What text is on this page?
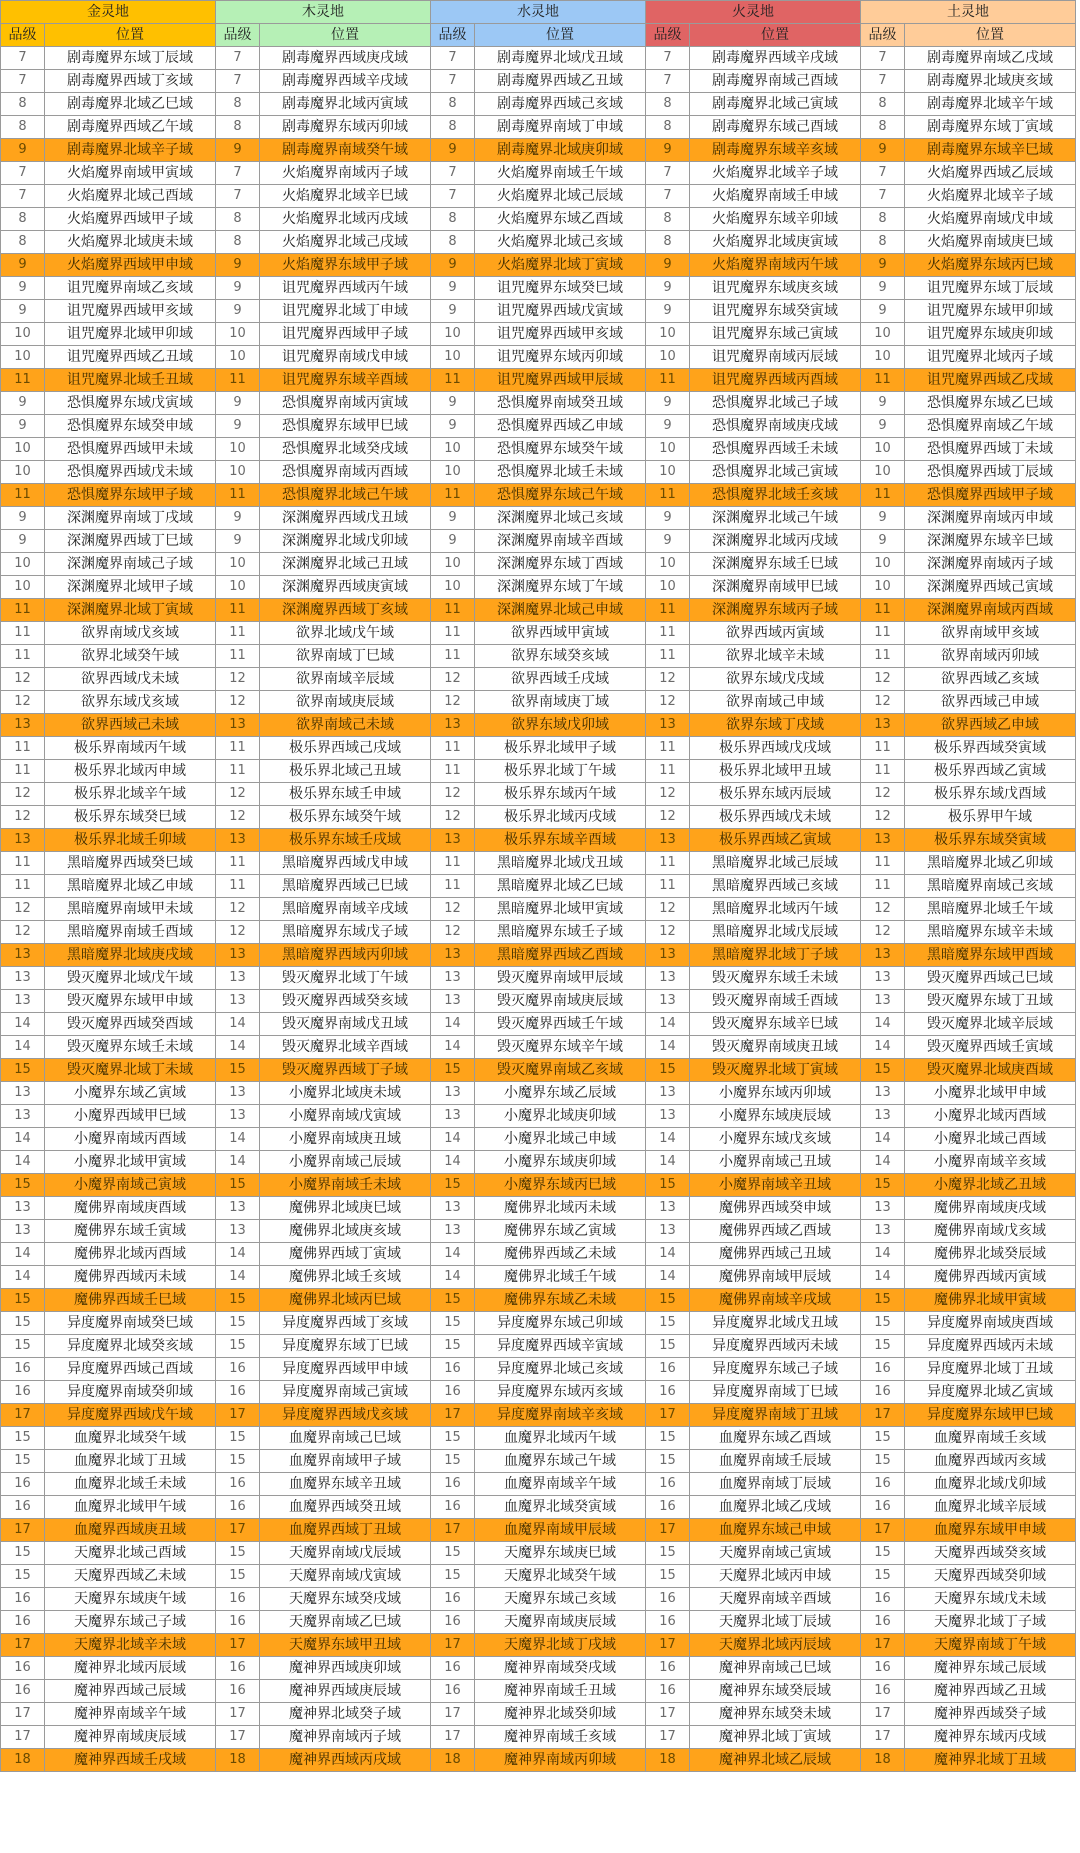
金灵地		木灵地		水灵地		火灵地		土灵地	
品级	位置	品级	位置	品级	位置	品级	位置	品级	位置
7	剧毒魔界东域丁辰域	7	剧毒魔界西域庚戌域	7	剧毒魔界北域戊丑域	7	剧毒魔界西域辛戌域	7	剧毒魔界南域乙戌域
7	剧毒魔界西域丁亥域	7	剧毒魔界西域辛戌域	7	剧毒魔界西域乙丑域	7	剧毒魔界南域己酉域	7	剧毒魔界北域庚亥域
8	剧毒魔界北域乙巳域	8	剧毒魔界北域丙寅域	8	剧毒魔界西域己亥域	8	剧毒魔界北域己寅域	8	剧毒魔界北域辛午域
8	剧毒魔界西域乙午域	8	剧毒魔界东域丙卯域	8	剧毒魔界南域丁申域	8	剧毒魔界东域己酉域	8	剧毒魔界东域丁寅域
9	剧毒魔界北域辛子域	9	剧毒魔界南域癸午域	9	剧毒魔界北域庚卯域	9	剧毒魔界东域辛亥域	9	剧毒魔界东域辛巳域
7	火焰魔界南域甲寅域	7	火焰魔界南域丙子域	7	火焰魔界南域壬午域	7	火焰魔界北域辛子域	7	火焰魔界西域乙辰域
7	火焰魔界北域己酉域	7	火焰魔界北域辛巳域	7	火焰魔界北域己辰域	7	火焰魔界南域壬申域	7	火焰魔界北域辛子域
8	火焰魔界西域甲子域	8	火焰魔界北域丙戌域	8	火焰魔界东域乙酉域	8	火焰魔界东域辛卯域	8	火焰魔界南域戊申域
8	火焰魔界北域庚未域	8	火焰魔界北域己戌域	8	火焰魔界北域己亥域	8	火焰魔界北域庚寅域	8	火焰魔界南域庚巳域
9	火焰魔界西域甲申域	9	火焰魔界东域甲子域	9	火焰魔界北域丁寅域	9	火焰魔界南域丙午域	9	火焰魔界东域丙巳域
9	诅咒魔界南域乙亥域	9	诅咒魔界西域丙午域	9	诅咒魔界东域癸巳域	9	诅咒魔界东域庚亥域	9	诅咒魔界东域丁辰域
9	诅咒魔界西域甲亥域	9	诅咒魔界北域丁申域	9	诅咒魔界西域戊寅域	9	诅咒魔界东域癸寅域	9	诅咒魔界东域甲卯域
10	诅咒魔界北域甲卯域	10	诅咒魔界西域甲子域	10	诅咒魔界西域甲亥域	10	诅咒魔界东域己寅域	10	诅咒魔界东域庚卯域
10	诅咒魔界西域乙丑域	10	诅咒魔界南域戊申域	10	诅咒魔界东域丙卯域	10	诅咒魔界南域丙辰域	10	诅咒魔界北域丙子域
11	诅咒魔界北域壬丑域	11	诅咒魔界东域辛酉域	11	诅咒魔界西域甲辰域	11	诅咒魔界西域丙酉域	11	诅咒魔界西域乙戌域
9	恐惧魔界东域戊寅域	9	恐惧魔界南域丙寅域	9	恐惧魔界南域癸丑域	9	恐惧魔界北域己子域	9	恐惧魔界东域乙巳域
9	恐惧魔界东域癸申域	9	恐惧魔界东域甲巳域	9	恐惧魔界西域乙申域	9	恐惧魔界南域庚戌域	9	恐惧魔界南域乙午域
10	恐惧魔界西域甲未域	10	恐惧魔界北域癸戌域	10	恐惧魔界东域癸午域	10	恐惧魔界西域壬未域	10	恐惧魔界西域丁未域
10	恐惧魔界西域戊未域	10	恐惧魔界南域丙酉域	10	恐惧魔界北域壬未域	10	恐惧魔界北域己寅域	10	恐惧魔界西域丁辰域
11	恐惧魔界东域甲子域	11	恐惧魔界北域己午域	11	恐惧魔界东域己午域	11	恐惧魔界北域壬亥域	11	恐惧魔界西域甲子域
9	深渊魔界南域丁戌域	9	深渊魔界西域戊丑域	9	深渊魔界北域己亥域	9	深渊魔界北域己午域	9	深渊魔界南域丙申域
9	深渊魔界西域丁巳域	9	深渊魔界北域戊卯域	9	深渊魔界南域辛酉域	9	深渊魔界北域丙戌域	9	深渊魔界东域辛巳域
10	深渊魔界南域己子域	10	深渊魔界北域己丑域	10	深渊魔界东域丁酉域	10	深渊魔界东域壬巳域	10	深渊魔界南域丙子域
10	深渊魔界北域甲子域	10	深渊魔界西域庚寅域	10	深渊魔界东域丁午域	10	深渊魔界南域甲巳域	10	深渊魔界西域己寅域
11	深渊魔界北域丁寅域	11	深渊魔界西域丁亥域	11	深渊魔界北域己申域	11	深渊魔界东域丙子域	11	深渊魔界南域丙酉域
11	欲界南域戊亥域	11	欲界北域戊午域	11	欲界西域甲寅域	11	欲界西域丙寅域	11	欲界南域甲亥域
11	欲界北域癸午域	11	欲界南域丁巳域	11	欲界东域癸亥域	11	欲界北域辛未域	11	欲界南域丙卯域
12	欲界西域戊未域	12	欲界南域辛辰域	12	欲界西域壬戌域	12	欲界东域戊戌域	12	欲界西域乙亥域
12	欲界东域戊亥域	12	欲界南域庚辰域	12	欲界南域庚丁域	12	欲界南域己申域	12	欲界西域己申域
13	欲界西域己未域	13	欲界南域己未域	13	欲界东域戊卯域	13	欲界东域丁戌域	13	欲界西域乙申域
11	极乐界南域丙午域	11	极乐界西域己戌域	11	极乐界北域甲子域	11	极乐界西域戊戌域	11	极乐界西域癸寅域
11	极乐界北域丙申域	11	极乐界北域己丑域	11	极乐界北域丁午域	11	极乐界北域甲丑域	11	极乐界西域乙寅域
12	极乐界北域辛午域	12	极乐界东域壬申域	12	极乐界东域丙午域	12	极乐界东域丙辰域	12	极乐界东域戊酉域
12	极乐界东域癸巳域	12	极乐界东域癸午域	12	极乐界北域丙戌域	12	极乐界西域戊未域	12	极乐界甲午域
13	极乐界北域壬卯域	13	极乐界东域壬戌域	13	极乐界东域辛酉域	13	极乐界西域乙寅域	13	极乐界东域癸寅域
11	黑暗魔界西域癸巳域	11	黑暗魔界西域戊申域	11	黑暗魔界北域戊丑域	11	黑暗魔界北域己辰域	11	黑暗魔界北域乙卯域
11	黑暗魔界北域乙申域	11	黑暗魔界西域己巳域	11	黑暗魔界北域乙巳域	11	黑暗魔界西域己亥域	11	黑暗魔界南域己亥域
12	黑暗魔界南域甲未域	12	黑暗魔界南域辛戌域	12	黑暗魔界北域甲寅域	12	黑暗魔界北域丙午域	12	黑暗魔界北域壬午域
12	黑暗魔界南域壬酉域	12	黑暗魔界东域戊子域	12	黑暗魔界东域壬子域	12	黑暗魔界北域戊辰域	12	黑暗魔界东域辛未域
13	黑暗魔界北域庚戌域	13	黑暗魔界西域丙卯域	13	黑暗魔界西域乙酉域	13	黑暗魔界北域丁子域	13	黑暗魔界东域甲酉域
13	毁灭魔界北域戊午域	13	毁灭魔界北域丁午域	13	毁灭魔界南域甲辰域	13	毁灭魔界东域壬未域	13	毁灭魔界西域己巳域
13	毁灭魔界东域甲申域	13	毁灭魔界西域癸亥域	13	毁灭魔界南域庚辰域	13	毁灭魔界南域壬酉域	13	毁灭魔界东域丁丑域
14	毁灭魔界西域癸酉域	14	毁灭魔界南域戊丑域	14	毁灭魔界西域壬午域	14	毁灭魔界东域辛巳域	14	毁灭魔界北域辛辰域
14	毁灭魔界东域壬未域	14	毁灭魔界北域辛酉域	14	毁灭魔界东域辛午域	14	毁灭魔界南域庚丑域	14	毁灭魔界西域壬寅域
15	毁灭魔界北域丁未域	15	毁灭魔界西域丁子域	15	毁灭魔界南域乙亥域	15	毁灭魔界北域丁寅域	15	毁灭魔界北域庚酉域
13	小魔界东域乙寅域	13	小魔界北域庚未域	13	小魔界东域乙辰域	13	小魔界东域丙卯域	13	小魔界北域甲申域
13	小魔界西域甲巳域	13	小魔界南域戊寅域	13	小魔界北域庚卯域	13	小魔界东域庚辰域	13	小魔界北域丙酉域
14	小魔界南域丙酉域	14	小魔界南域庚丑域	14	小魔界北域己申域	14	小魔界东域戊亥域	14	小魔界北域己酉域
14	小魔界北域甲寅域	14	小魔界南域己辰域	14	小魔界东域庚卯域	14	小魔界南域己丑域	14	小魔界南域辛亥域
15	小魔界南域己寅域	15	小魔界南域壬未域	15	小魔界东域丙巳域	15	小魔界南域辛丑域	15	小魔界北域乙丑域
13	魔佛界南域庚酉域	13	魔佛界北域庚巳域	13	魔佛界北域丙未域	13	魔佛界西域癸申域	13	魔佛界南域庚戌域
13	魔佛界东域壬寅域	13	魔佛界北域庚亥域	13	魔佛界东域乙寅域	13	魔佛界西域乙酉域	13	魔佛界南域戊亥域
14	魔佛界北域丙酉域	14	魔佛界西域丁寅域	14	魔佛界西域乙未域	14	魔佛界西域己丑域	14	魔佛界北域癸辰域
14	魔佛界西域丙未域	14	魔佛界北域壬亥域	14	魔佛界北域壬午域	14	魔佛界南域甲辰域	14	魔佛界西域丙寅域
15	魔佛界西域壬巳域	15	魔佛界北域丙巳域	15	魔佛界东域乙未域	15	魔佛界南域辛戌域	15	魔佛界北域甲寅域
15	异度魔界南域癸巳域	15	异度魔界西域丁亥域	15	异度魔界东域己卯域	15	异度魔界北域戊丑域	15	异度魔界南域庚酉域
15	异度魔界北域癸亥域	15	异度魔界东域丁巳域	15	异度魔界西域辛寅域	15	异度魔界西域丙未域	15	异度魔界西域丙未域
16	异度魔界西域己酉域	16	异度魔界西域甲申域	16	异度魔界北域己亥域	16	异度魔界东域己子域	16	异度魔界北域丁丑域
16	异度魔界南域癸卯域	16	异度魔界南域己寅域	16	异度魔界东域丙亥域	16	异度魔界南域丁巳域	16	异度魔界北域乙寅域
17	异度魔界西域戊午域	17	异度魔界西域戊亥域	17	异度魔界南域辛亥域	17	异度魔界南域丁丑域	17	异度魔界东域甲巳域
15	血魔界北域癸午域	15	血魔界南域己巳域	15	血魔界北域丙午域	15	血魔界东域乙酉域	15	血魔界南域壬亥域
15	血魔界北域丁丑域	15	血魔界南域甲子域	15	血魔界东域己午域	15	血魔界南域壬辰域	15	血魔界西域丙亥域
16	血魔界北域壬未域	16	血魔界东域辛丑域	16	血魔界南域辛午域	16	血魔界南域丁辰域	16	血魔界北域戊卯域
16	血魔界北域甲午域	16	血魔界西域癸丑域	16	血魔界北域癸寅域	16	血魔界北域乙戌域	16	血魔界北域辛辰域
17	血魔界西域庚丑域	17	血魔界西域丁丑域	17	血魔界南域甲辰域	17	血魔界东域己申域	17	血魔界东域甲申域
15	天魔界北域己酉域	15	天魔界南域戊辰域	15	天魔界东域庚巳域	15	天魔界南域己寅域	15	天魔界西域癸亥域
15	天魔界西域乙未域	15	天魔界南域戊寅域	15	天魔界北域癸午域	15	天魔界北域丙申域	15	天魔界西域癸卯域
16	天魔界东域庚午域	16	天魔界东域癸戌域	16	天魔界东域己亥域	16	天魔界南域辛酉域	16	天魔界东域戊未域
16	天魔界东域己子域	16	天魔界南域乙巳域	16	天魔界南域庚辰域	16	天魔界北域丁辰域	16	天魔界北域丁子域
17	天魔界北域辛未域	17	天魔界东域甲丑域	17	天魔界北域丁戌域	17	天魔界北域丙辰域	17	天魔界南域丁午域
16	魔神界北域丙辰域	16	魔神界西域庚卯域	16	魔神界南域癸戌域	16	魔神界南域己巳域	16	魔神界东域己辰域
16	魔神界西域己辰域	16	魔神界西域庚辰域	16	魔神界南域壬丑域	16	魔神界东域癸辰域	16	魔神界西域乙丑域
17	魔神界南域辛午域	17	魔神界北域癸子域	17	魔神界北域癸卯域	17	魔神界东域癸未域	17	魔神界西域癸子域
17	魔神界南域庚辰域	17	魔神界南域丙子域	17	魔神界南域壬亥域	17	魔神界北域丁寅域	17	魔神界东域丙戌域
18	魔神界西域壬戌域	18	魔神界西域丙戌域	18	魔神界南域丙卯域	18	魔神界北域乙辰域	18	魔神界北域丁丑域
